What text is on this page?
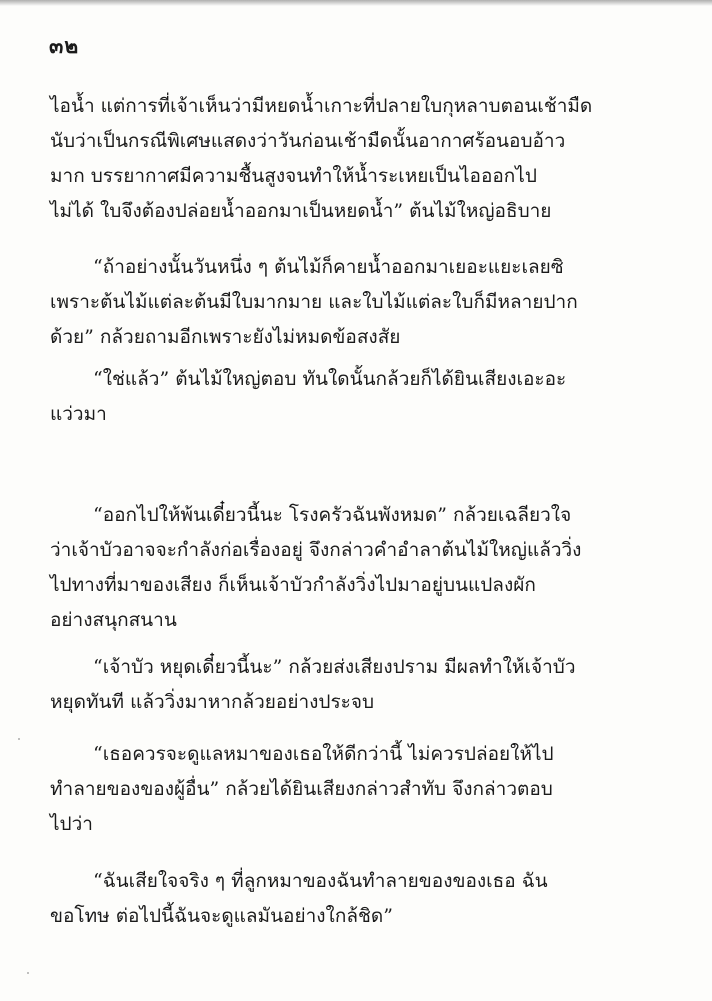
๓๒
ไอน้ำ แต่การที่เจ้าเห็นว่ามีหยดน้ำเกาะที่ปลายใบกุหลาบตอนเช้ามืด
นับว่าเป็นกรณีพิเศษแสดงว่าวันก่อนเช้ามืดนั้นอากาศร้อนอบอ้าว
มาก บรรยากาศมีความชื้นสูงจนทำให้น้ำระเหยเป็นไอออกไป
ไม่ได้ ใบจึงต้องปล่อยน้ำออกมาเป็นหยดน้ำ” ต้นไม้ใหญ่อธิบาย
“ถ้าอย่างนั้นวันหนึ่ง ๆ ต้นไม้ก็คายน้ำออกมาเยอะแยะเลยซิ
เพราะต้นไม้แต่ละต้นมีใบมากมาย และใบไม้แต่ละใบก็มีหลายปาก
ด้วย” กล้วยถามอีกเพราะยังไม่หมดข้อสงสัย
“ใช่แล้ว” ต้นไม้ใหญ่ตอบ ทันใดนั้นกล้วยก็ได้ยินเสียงเอะอะ
แว่วมา
“ออกไปให้พ้นเดี๋ยวนี้นะ โรงครัวฉันพังหมด” กล้วยเฉลียวใจ
ว่าเจ้าบัวอาจจะกำลังก่อเรื่องอยู่ จึงกล่าวคำอำลาต้นไม้ใหญ่แล้ววิ่ง
ไปทางที่มาของเสียง ก็เห็นเจ้าบัวกำลังวิ่งไปมาอยู่บนแปลงผัก
อย่างสนุกสนาน
“เจ้าบัว หยุดเดี๋ยวนี้นะ” กล้วยส่งเสียงปราม มีผลทำให้เจ้าบัว
หยุดทันที แล้ววิ่งมาหากล้วยอย่างประจบ
“เธอควรจะดูแลหมาของเธอให้ดีกว่านี้ ไม่ควรปล่อยให้ไป
ทำลายของของผู้อื่น” กล้วยได้ยินเสียงกล่าวสำทับ จึงกล่าวตอบ
ไปว่า
“ฉันเสียใจจริง ๆ ที่ลูกหมาของฉันทำลายของของเธอ ฉัน
ขอโทษ ต่อไปนี้ฉันจะดูแลมันอย่างใกล้ชิด”
